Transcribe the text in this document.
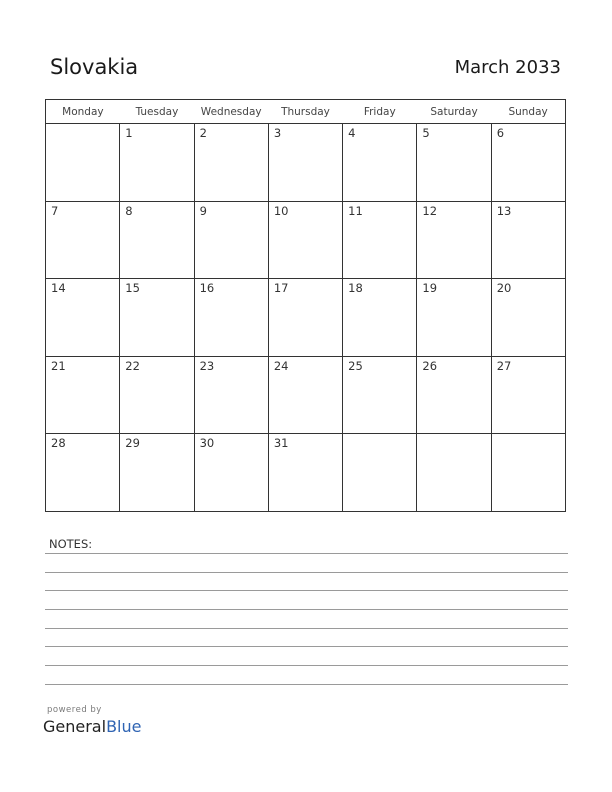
Slovakia	March 2033
Monday	Tuesday	Wednesday	Thursday	Friday	Saturday	Sunday

	1	2	3	4	5	6

7	8	9	10	11	12	13

14	15	16	17	18	19	20

21	22	23	24	25	26	27

28	29	30	31			

NOTES:
powered by
GeneralBlue
